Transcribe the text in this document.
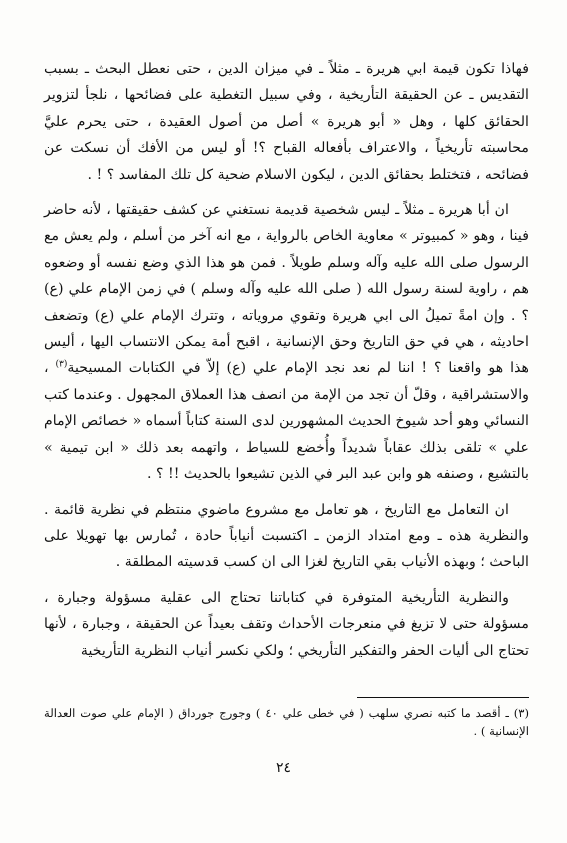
فهاذا تكون قيمة ابي هريرة ـ مثلاً ـ في ميزان الدين ، حتى نعطل البحث ـ بسبب التقديس ـ عن الحقيقة التأريخية ، وفي سبيل التغطية على فضائحها ، نلجأ لتزوير الحقائق كلها ، وهل « أبو هريرة » أصل من أصول العقيدة ، حتى يحرم عليَّ محاسبته تأريخياً ، والاعتراف بأفعاله القباح ؟! أو ليس من الأفك أن نسكت عن فضائحه ، فتختلط بحقائق الدين ، ليكون الاسلام ضحية كل تلك المفاسد ؟ ! .

ان أبا هريرة ـ مثلاً ـ ليس شخصية قديمة نستغني عن كشف حقيقتها ، لأنه حاضر فينا ، وهو « كمبيوتر » معاوية الخاص بالرواية ، مع انه آخر من أسلم ، ولم يعش مع الرسول صلى الله عليه وآله وسلم طويلاً . فمن هو هذا الذي وضع نفسه أو وضعوه هم ، راوية لسنة رسول الله ( صلى الله عليه وآله وسلم ) في زمن الإمام علي (ع) ؟ . وإن امةً تميلُ الى ابي هريرة وتقوي مروياته ، وتترك الإمام علي (ع) وتضعف احاديثه ، هي في حق التاريخ وحق الإنسانية ، اقبح أمة يمكن الانتساب اليها ، أليس هذا هو واقعنا ؟ ! اننا لم نعد نجد الإمام علي (ع) إلاّ في الكتابات المسيحية$^{(٣)}$ ، والاستشراقية ، وقلّ أن تجد من الإمة من انصف هذا العملاق المجهول . وعندما كتب النسائي وهو أحد شيوخ الحديث المشهورين لدى السنة كتاباً أسماه « خصائص الإمام علي » تلقى بذلك عقاباً شديداً وأُخضع للسياط ، واتهمه بعد ذلك « ابن تيمية » بالتشيع ، وصنفه هو وابن عبد البر في الذين تشيعوا بالحديث !! ؟ .

ان التعامل مع التاريخ ، هو تعامل مع مشروع ماضوي منتظم في نظرية قائمة . والنظرية هذه ـ ومع امتداد الزمن ـ اكتسبت أنياباً حادة ، تُمارس بها تهويلا على الباحث ؛ وبهذه الأنياب بقي التاريخ لغزا الى ان كسب قدسيته المطلقة .

والنظرية التأريخية المتوفرة في كتاباتنا تحتاج الى عقلية مسؤولة وجبارة ، مسؤولة حتى لا تزيغ في منعرجات الأحداث وتقف بعيداً عن الحقيقة ، وجبارة ، لأنها تحتاج الى أليات الحفر والتفكير التأريخي ؛ ولكي نكسر أنياب النظرية التأريخية

(٣) ـ أقصد ما كتبه نصري سلهب ( في خطى علي ٤٠ ) وجورج جورداق ( الإمام علي صوت العدالة الإنسانية ) .
٢٤
